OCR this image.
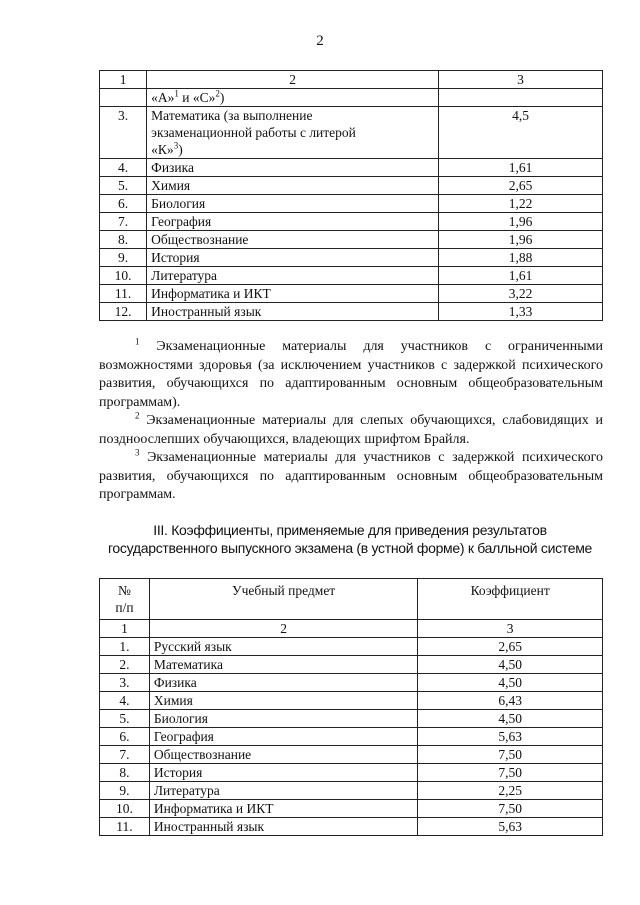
2
1	2	3
	«А»$^1$ и «С»$^2$)	
3.	Математика (за выполнение
экзаменационной работы с литерой
«К»$^3$)	4,5
4.	Физика	1,61
5.	Химия	2,65
6.	Биология	1,22
7.	География	1,96
8.	Обществознание	1,96
9.	История	1,88
10.	Литература	1,61
11.	Информатика и ИКТ	3,22
12.	Иностранный язык	1,33

$^1$ Экзаменационные материалы для участников с ограниченными возможностями здоровья (за исключением участников с задержкой психического развития, обучающихся по адаптированным основным общеобразовательным программам).

$^2$ Экзаменационные материалы для слепых обучающихся, слабовидящих и поздноослепших обучающихся, владеющих шрифтом Брайля.

$^3$ Экзаменационные материалы для участников с задержкой психического развития, обучающихся по адаптированным основным общеобразовательным программам.

III. Коэффициенты, применяемые для приведения результатов
государственного выпускного экзамена (в устной форме) к балльной системе
№
п/п	Учебный предмет	Коэффициент
1	2	3
1.	Русский язык	2,65
2.	Математика	4,50
3.	Физика	4,50
4.	Химия	6,43
5.	Биология	4,50
6.	География	5,63
7.	Обществознание	7,50
8.	История	7,50
9.	Литература	2,25
10.	Информатика и ИКТ	7,50
11.	Иностранный язык	5,63
